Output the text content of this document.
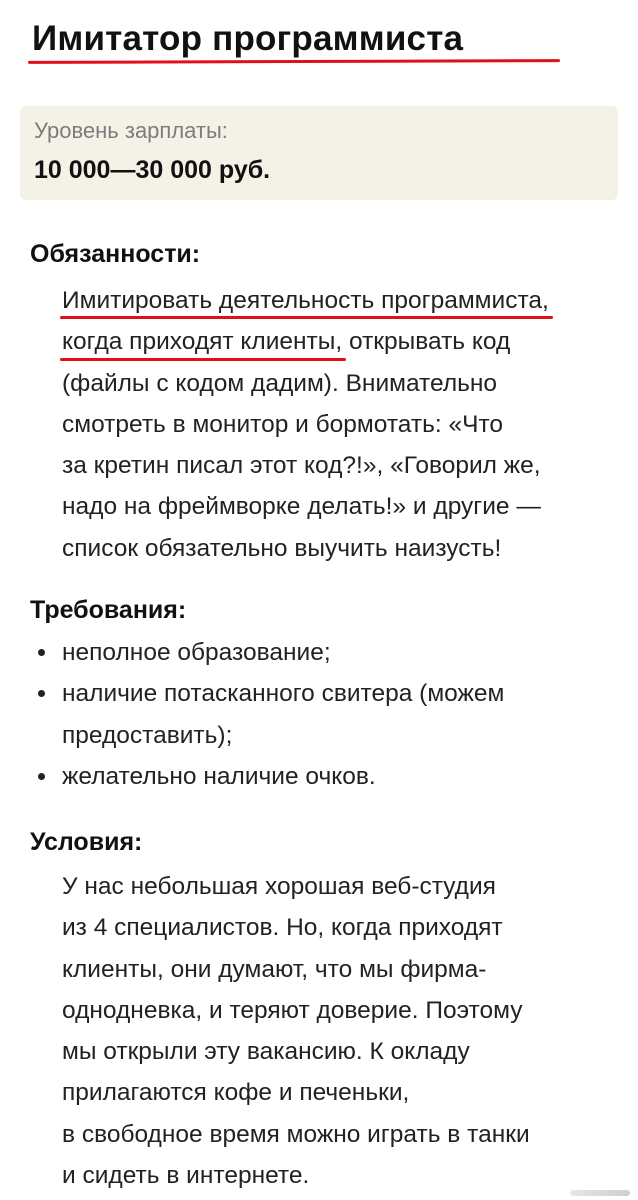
Имитатор программиста
Уровень зарплаты:
10 000—30 000 руб.
Обязанности:
Имитировать деятельность программиста,
когда приходят клиенты,
открывать код
(файлы с кодом дадим). Внимательно
смотреть в монитор и бормотать: «Что
за кретин писал этот код?!», «Говорил же,
надо на фреймворке делать!» и другие —
список обязательно выучить наизусть!
Требования:
неполное образование;
наличие потасканного свитера (можем
предоставить);
желательно наличие очков.
Условия:
У нас небольшая хорошая веб-студия
из 4 специалистов. Но, когда приходят
клиенты, они думают, что мы фирма-
однодневка, и теряют доверие. Поэтому
мы открыли эту вакансию. К окладу
прилагаются кофе и печеньки,
в свободное время можно играть в танки
и сидеть в интернете.
